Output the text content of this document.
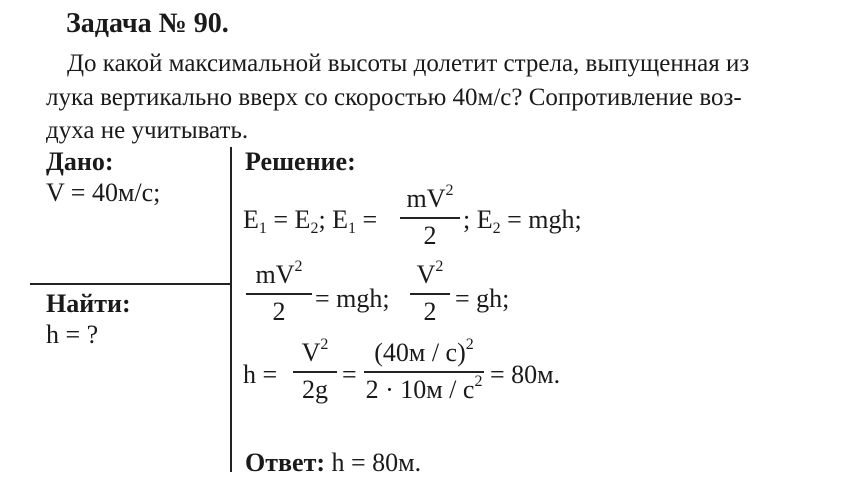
Задача № 90.
До какой максимальной высоты долетит стрела, выпущенная из
лука вертикально вверх со скоростью 40м/с? Сопротивление воз-
духа не учитывать.
Дано:
V = 40м/с;
Найти:
h = ?
Решение:
$E_1 = E_2$; $E_1$ =
$mV^2$
2
; $E_2$ = mgh;
$mV^2$
2	= mgh;
$V^2$
2 = gh;
h =
$V^2$
2g
=
(40м / с)$^2$
$2 \cdot 10м / с^2 = 80м$.
Ответ: h = 80м.
